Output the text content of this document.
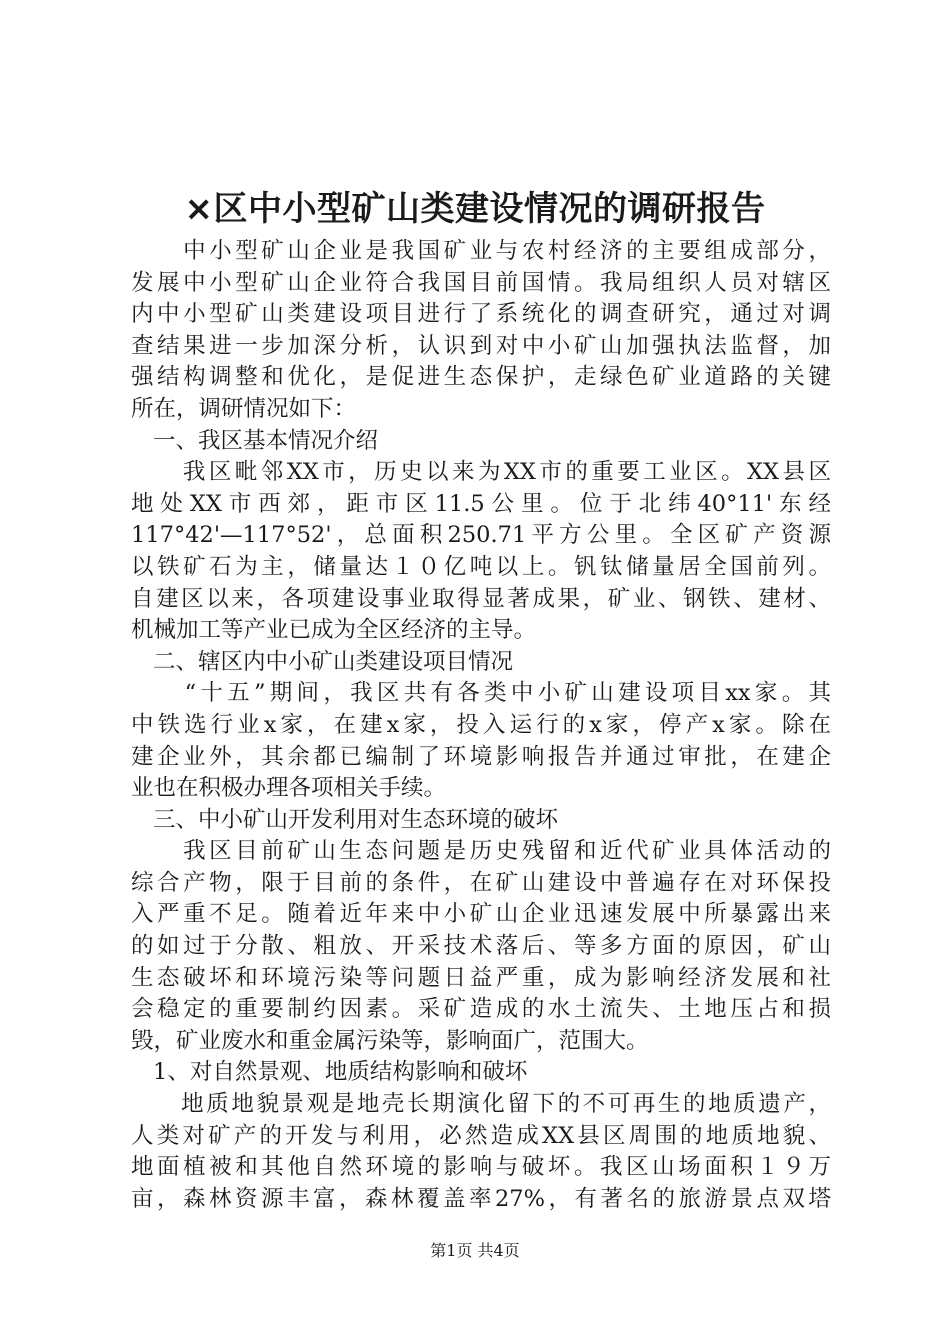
×区中小型矿山类建设情况的调研报告
　　中小型矿山企业是我国矿业与农村经济的主要组成部分，
发展中小型矿山企业符合我国目前国情。我局组织人员对辖区
内中小型矿山类建设项目进行了系统化的调查研究，通过对调
查结果进一步加深分析，认识到对中小矿山加强执法监督，加
强结构调整和优化，是促进生态保护，走绿色矿业道路的关键
所在，调研情况如下：
一、我区基本情况介绍
　　我区毗邻XX市，历史以来为XX市的重要工业区。XX县区
地处XX市西郊，距市区11.5公里。位于北纬40°11'东经
117°42'—117°52'，总面积250.71平方公里。全区矿产资源
以铁矿石为主，储量达１０亿吨以上。钒钛储量居全国前列。
自建区以来，各项建设事业取得显著成果，矿业、钢铁、建材、
机械加工等产业已成为全区经济的主导。
二、辖区内中小矿山类建设项目情况
　　“十五”期间，我区共有各类中小矿山建设项目xx家。其
中铁选行业x家，在建x家，投入运行的x家，停产x家。除在
建企业外，其余都已编制了环境影响报告并通过审批，在建企
业也在积极办理各项相关手续。
三、中小矿山开发利用对生态环境的破坏
　　我区目前矿山生态问题是历史残留和近代矿业具体活动的
综合产物，限于目前的条件，在矿山建设中普遍存在对环保投
入严重不足。随着近年来中小矿山企业迅速发展中所暴露出来
的如过于分散、粗放、开采技术落后、等多方面的原因，矿山
生态破坏和环境污染等问题日益严重，成为影响经济发展和社
会稳定的重要制约因素。采矿造成的水土流失、土地压占和损
毁，矿业废水和重金属污染等，影响面广，范围大。
1、对自然景观、地质结构影响和破坏
　　地质地貌景观是地壳长期演化留下的不可再生的地质遗产，
人类对矿产的开发与利用，必然造成XX县区周围的地质地貌、
地面植被和其他自然环境的影响与破坏。我区山场面积１９万
亩，森林资源丰富，森林覆盖率27%，有著名的旅游景点双塔
第1页 共4页
